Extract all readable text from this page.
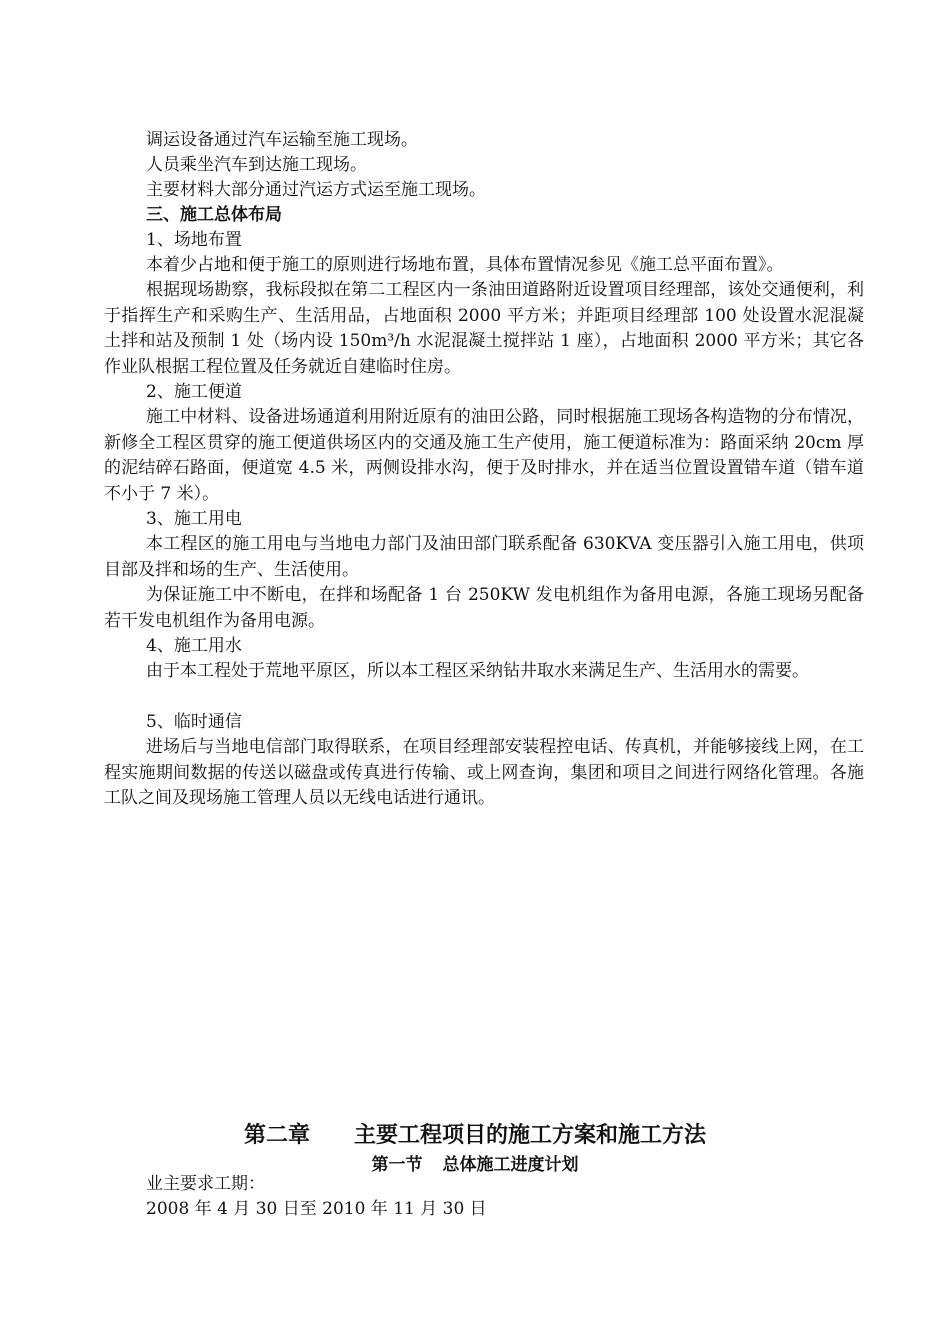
调运设备通过汽车运输至施工现场。

人员乘坐汽车到达施工现场。

主要材料大部分通过汽运方式运至施工现场。

三、施工总体布局

1、场地布置

本着少占地和便于施工的原则进行场地布置，具体布置情况参见《施工总平面布置》。

根据现场勘察，我标段拟在第二工程区内一条油田道路附近设置项目经理部，该处交通便利，利于指挥生产和采购生产、生活用品，占地面积 2000 平方米；并距项目经理部 100 处设置水泥混凝土拌和站及预制 1 处（场内设 150m³/h 水泥混凝土搅拌站 1 座），占地面积 2000 平方米；其它各作业队根据工程位置及任务就近自建临时住房。

2、施工便道

施工中材料、设备进场通道利用附近原有的油田公路，同时根据施工现场各构造物的分布情况，新修全工程区贯穿的施工便道供场区内的交通及施工生产使用，施工便道标准为：路面采纳 20cm 厚的泥结碎石路面，便道宽 4.5 米，两侧设排水沟，便于及时排水，并在适当位置设置错车道（错车道不小于 7 米）。

3、施工用电

本工程区的施工用电与当地电力部门及油田部门联系配备 630KVA 变压器引入施工用电，供项目部及拌和场的生产、生活使用。

为保证施工中不断电，在拌和场配备 1 台 250KW 发电机组作为备用电源，各施工现场另配备若干发电机组作为备用电源。

4、施工用水

由于本工程处于荒地平原区，所以本工程区采纳钻井取水来满足生产、生活用水的需要。

5、临时通信

进场后与当地电信部门取得联系，在项目经理部安装程控电话、传真机，并能够接线上网，在工程实施期间数据的传送以磁盘或传真进行传输、或上网查询，集团和项目之间进行网络化管理。各施工队之间及现场施工管理人员以无线电话进行通讯。

第二章 主要工程项目的施工方案和施工方法
第一节 总体施工进度计划

业主要求工期：

2008 年 4 月 30 日至 2010 年 11 月 30 日
